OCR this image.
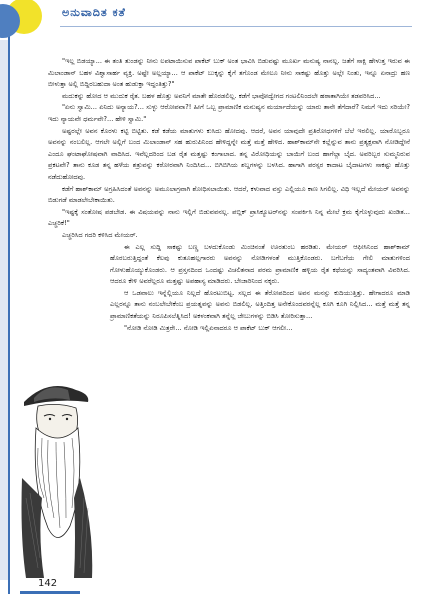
ಅನುವಾದಿತ ಕತೆ

"ಇಲ್ಲ ಬಿಡಯ್ಯಾ... ಈ ತಂತಿ ತುಂಡನ್ನು ನೀನು ಲಪಟಾಯಿಸುವ ಪಾಕೆಟ್ ಬುಕ್ ಅಂತ ಭಾವಿಸಿ ಬಿಡುವಷ್ಟು ಮೂರ್ಖ ಮನುಷ್ಯ ನಾನಲ್ಲ. ಜತೆಗೆ ಸಾಕ್ಷಿ ಹೇಳುತ್ತ ಇರುವ ಈ ಮಿಲಾಂಡಾನ್ ಬಹಳ ವಿಶ್ವಾಸಾರ್ಹ ವ್ಯಕ್ತಿ. ಅಷ್ಟೇ ಅಲ್ಲಯ್ಯಾ... ಆ ಪಾಕೆಟ್ ಬುಕ್ಕನ್ನು ಕೈಗೆ ತಗೊಂಡ ಮೇಲೂ ನೀನು ಸಾಕಷ್ಟು ಹೊತ್ತು ಅಲ್ಲೇ ನಿಂತು, ಇನ್ನೂ ಏನಾದ್ರು ಹಣ ಬೀಳುತ್ತಾ ಅಲ್ಲಿ ಬಿದ್ದಿರಬಹುದಾ ಅಂತ ಹುಡುಕ್ತಾ ಇದ್ದಂತಿತ್ತು?"

ಮದುಕನ್ನು ಹೋದ ಆ ಮುದುಕ ರೈತ. ಬಹಳ ಹೊತ್ತು ಅವನಿಗೆ ಮಾತೇ ಹೊರಡಲಿಲ್ಲ. ಕಡೆಗೆ ಭಾವೋದ್ವೇಗದ ಗಂಟಲಿನಿಂದಲೇ ಹಠಾತಾಗಿಯೇ ತಡವರಿಸಿದ...

"ಏನು ಸ್ವಾಮಿ... ಏನಿದು ಅನ್ಯಾಯ?... ಸುಳ್ಳು ಆರೋಪವಾ?! ಹೀಗೆ ಒಬ್ಬ ಪ್ರಾಮಾಣಿಕ ಮನುಷ್ಯನ ಮರ್ಯಾದೆಯನ್ನು ಯಾರು ತಾನೇ ತೆಗೆದಾರೆ? ನಿಮಗೆ ಇದು ಸರಿಯೇ? ಇದು ನ್ಯಾಯವೇ ಧರ್ಮವೇ?... ಹೇಳಿ ಸ್ವಾಮಿ."

ಅಷ್ಟರಲ್ಲೇ ಅವನ ಕೊರಳು ಕಟ್ಟಿ ಬಿಟ್ಟಿತು. ಕಡೆ ಕಡೆಯ ಮಾತುಗಳು ಕುಸಿದು ಹೋದವು. ಆದರೆ, ಅವನ ಯಾವುದೇ ಪ್ರತಿರೋಧಗಳಿಗೆ ಬೆಲೆ ಇರಲಿಲ್ಲ. ಯಾರೊಬ್ಬರೂ ಅವನನ್ನು ನಂಬಲಿಲ್ಲ. ಆಗಲೇ ಅಲ್ಲಿಗೆ ಬಂದ ಮಿಲಾಂಡಾನ್ ಸಹ ಹುರುಪಿನಿಂದ ಹೇಳಿದ್ದನ್ನೇ ಮತ್ತೆ ಮತ್ತೆ ಹೇಳಿದ. ಹಾಶ್‌ಕಾಮ್‌ನೇ ಕಲ್ಲೆನ್ನುವ ತಾನು ಪ್ರತ್ಯಕ್ಷವಾಗಿ ನೋಡಿದ್ದೇನೆ ಎಂದೂ ಘಂಟಾಘೋಷವಾಗಿ ವಾದಿಸಿದ. ಇವೆಲ್ಲದರಿಂದ ಬಡ ರೈತ ಮತ್ತಷ್ಟು ಕಂಗಾಲಾದ. ತನ್ನ ವಿರೋಧಿಯನ್ನು ಬಾಯಿಗೆ ಬಂದ ಹಾಗೆಲ್ಲಾ ಬೈದ. ಅವರಿಬ್ಬರ ಸುಮ್ಮನಿರುವ ಪ್ರಕಟವೇ? ತಾನು ಕೂಡ ತನ್ನ ಹಳೆಯ ಶತ್ರುವನ್ನು ಕಠೋರವಾಗಿ ನಿಂದಿಸಿದ... ಬಿಗಿಬಿಗಿಯ ಶಬ್ದಗಳನ್ನು ಬಳಸಿದ. ಹಾಗಾಗಿ ಪರಸ್ಪರ ಕಾದಾಟ ಬೈದಾಟಗಳು ಸಾಕಷ್ಟು ಹೊತ್ತು ನಡೆದುಹೋದವು.

ಕಡೆಗೆ ಹಾಶ್‌ಕಾಮ್ ಅಗ್ರಹಿಸಿದಂತೆ ಅವನನ್ನು ಅಮೂಲಾಗ್ರವಾಗಿ ಶೋಧಿಸಲಾಯಿತು. ಆದರೆ, ಕಳುವಾದ ವಸ್ತು ಎಲ್ಲಿಯೂ ಕಾಣ ಸಿಗಲಿಲ್ಲ. ವಿಧಿ ಇಲ್ಲದೆ ಮೇಯರ್ ಅವನನ್ನು ಬಿಡುಗಡೆ ಮಾಡಲೇಬೇಕಾಯಿತು.

"ಇಷ್ಟಕ್ಕೆ ಸಂತೋಷ ಪಡಬೇಡ. ಈ ವಿಷಯವನ್ನು ನಾನು ಇಲ್ಲಿಗೆ ಬಿಡುವವನಲ್ಲ. ಪಬ್ಲಿಕ್ ಪ್ರಾಸಿಕ್ಯೂಟರ್‌ನನ್ನು ಸಂಪರ್ಕಿಸಿ ನಿನ್ನ ಮೇಲೆ ಕ್ರಮ ಕೈಗೊಳ್ಳುವುದು ಖಂಡಿತ... ಎಚ್ಚರಿಕೆ!"

ಎಚ್ಚರಿಸಿದ ಗದರಿ ಕಳಿಸಿದ ಮೇಯರ್.

ಈ ಎಲ್ಲ ಸುದ್ದಿ ಸಾಕಷ್ಟು ಬಣ್ಣ ಬಳದುಕೊಂಡು ಮಿಂಚಿನಂತೆ ಊರತುಂಬ ಹರಡಿತು. ಮೇಯರ್ ಆಫೀಸಿನಿಂದ ಹಾಶ್‌ಕಾಮ್ ಹೊರಬರುತ್ತಿದ್ದಂತೆ ಕೆಲವು ಕುತೂಹಲ್ಲಗಾರರು ಅವನನ್ನು ನೋಡಿಗಳಂತೆ ಮುತ್ತಿಕೊಂಡರು. ಬಗೆಬಗೆಯ ಗೇಲಿ ಮಾತುಗಳಿಂದ ಗೋಳುಹೊಯ್ಯುಕೊಂಡರು. ಆ ಪ್ರಸ್ತನದಿಂದ ಒಂದಷ್ಟು ವಿಚಲಿತನಾದ ಪರಮ ಪ್ರಾಮಾಣಿಕ ಹಳ್ಳಿಯ ರೈತ ಕಥೆಯನ್ನು ಸಾದ್ಯಂತವಾಗಿ ವಿವರಿಸಿದ. ಆದರೂ ಕೇಳಿ ಅವರೆಲ್ಲರೂ ಮತ್ತಷ್ಟು ಅಪಹಾಸ್ಯ ಮಾಡಿದರು. ಬೇಜಾರಿನಿಂದ ನಕ್ಕರು.

ಆ ಒಡವಾಲು ಇನ್ನೆಲ್ಲಿಯೂ ನಿಲ್ಲದೆ ಹೊರಟುಬಿಟ್ಟ. ಸಲ್ಲದ ಈ ತೆರೋಪದಿಂದ ಅವನ ಮನಸ್ಸು ಕುದಿಯುತ್ತಿತ್ತು. ಹೇಗಾದರೂ ಮಾಡಿ ಎಲ್ಲರನ್ನೂ ತಾನು ನಂಬಲೇಬೇಕೆಂಬ ಪ್ರಯತ್ನವನ್ನು ಅವನು ಬಿಡಲಿಲ್ಲ. ಅತ್ತಿಂದಿತ್ತ ಅನೇಕೊಂದವರನ್ನೆಲ್ಲ ಕೂಗಿ ಕೂಗಿ ನಿಲ್ಲಿಸಿದ... ಮತ್ತೆ ಮತ್ತೆ ತನ್ನ ಪ್ರಾಮಾಣಿಕತೆಯನ್ನು ನಿರೂಪಿಸಲೆತ್ನಿಸಿದ! ಅಕಳಂಕವಾಗಿ ತನ್ನೆಲ್ಲ ಜೇಬುಗಳನ್ನು ಬಿಡಿಸಿ ತೋರಿಸುತ್ತಾ...

"ನೋಡಿ ನೋಡಿ ಮಿತ್ರರೇ... ನೋಡಿ ಇಲ್ಲಿಏನಾದರೂ ಆ ಪಾಕೆಟ್ ಬುಕ್ ಆಗಲೀ...

142
